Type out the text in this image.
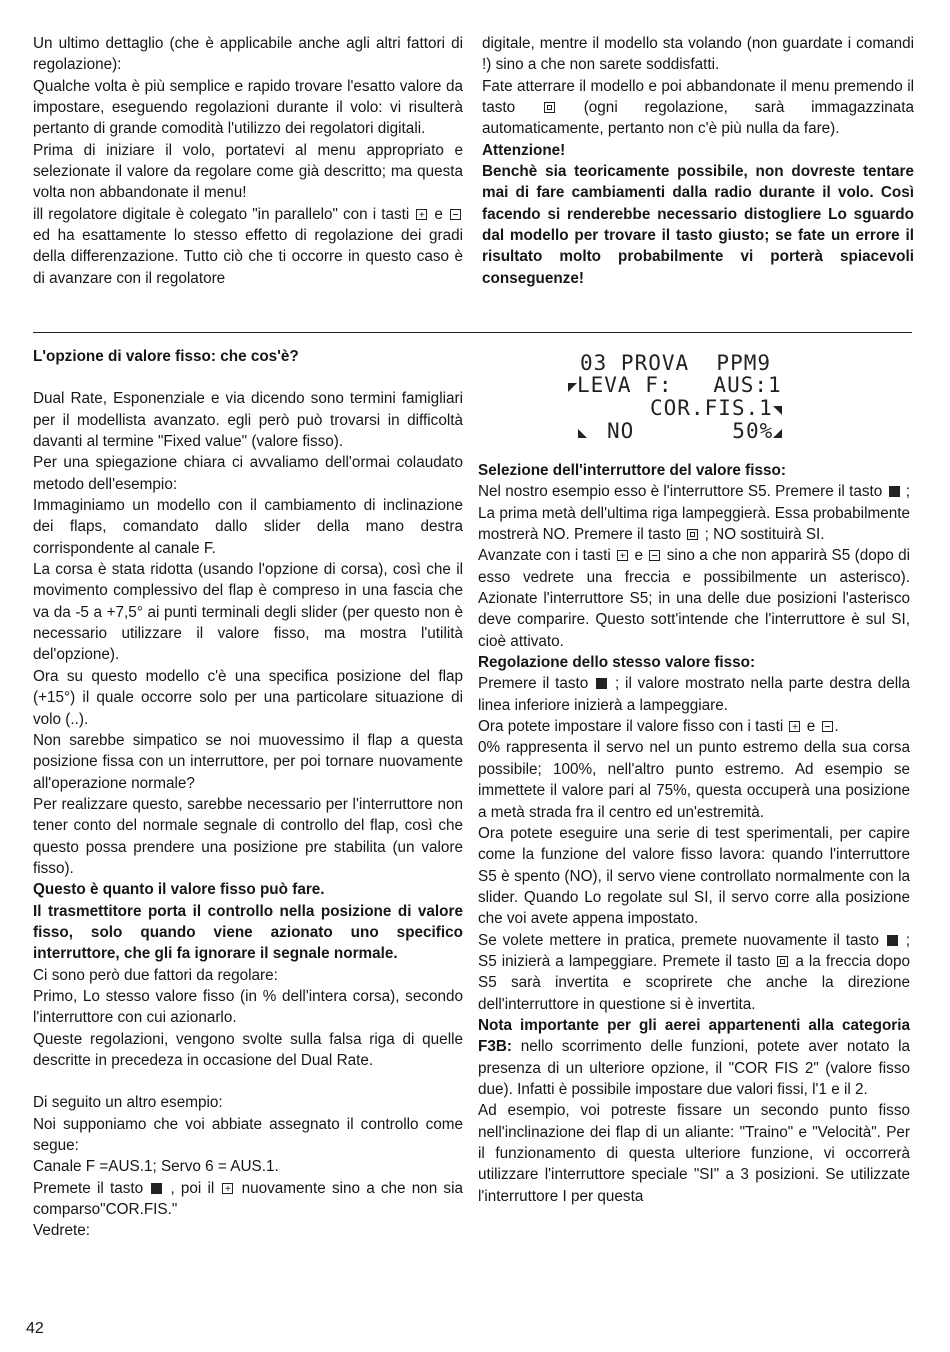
Un ultimo dettaglio (che è applicabile anche agli altri fattori di regolazione):

Qualche volta è più semplice e rapido trovare l'esatto valore da impostare, eseguendo regolazioni durante il volo: vi risulterà pertanto di grande comodità l'utilizzo dei regolatori digitali.

Prima di iniziare il volo, portatevi al menu appropriato e selezionate il valore da regolare come già descritto; ma questa volta non abbandonate il menu!

ill regolatore digitale è colegato "in parallelo" con i tasti + e  ed ha esattamente lo stesso effetto di regolazione dei gradi della differenzazione. Tutto ciò che ti occorre in questo caso è di avanzare con il regolatore

digitale, mentre il modello sta volando (non guardate i comandi !) sino a che non sarete soddisfatti.

Fate atterrare il modello e poi abbandonate il menu premendo il tasto	(ogni regolazione, sarà immagazzinata automaticamente, pertanto non c'è più nulla da fare).

Attenzione!

Benchè sia teoricamente possibile, non dovreste tentare mai di fare cambiamenti dalla radio durante il volo. Così facendo si renderebbe necessario distogliere Lo sguardo dal modello per trovare il tasto giusto; se fate un errore il risultato molto probabilmente vi porterà spiacevoli conseguenze!

L'opzione di valore fisso: che cos'è?

Dual Rate, Esponenziale e via dicendo sono termini famigliari per il modellista avanzato. egli però può trovarsi in difficoltà davanti al termine "Fixed value" (valore fisso).

Per una spiegazione chiara ci avvaliamo dell'ormai colaudato metodo dell'esempio:

Immaginiamo un modello con il cambiamento di inclinazione dei flaps, comandato dallo slider della mano destra corrispondente al canale F.

La corsa è stata ridotta (usando l'opzione di corsa), così che il movimento complessivo del flap è compreso in una fascia che va da -5 a +7,5° ai punti terminali degli slider (per questo non è necessario utilizzare il valore fisso, ma mostra l'utilità del'opzione).

Ora su questo modello c'è una specifica posizione del flap (+15°) il quale occorre solo per una particolare situazione di volo (..).

Non sarebbe simpatico se noi muovessimo il flap a questa posizione fissa con un interruttore, per poi tornare nuovamente all'operazione normale?

Per realizzare questo, sarebbe necessario per l'interruttore non tener conto del normale segnale di controllo del flap, così che questo possa prendere una posizione pre stabilita (un valore fisso).

Questo è quanto il valore fisso può fare.

Il trasmettitore porta il controllo nella posizione di valore fisso, solo quando viene azionato uno specifico interruttore, che gli fa ignorare il segnale normale.

Ci sono però due fattori da regolare:

Primo, Lo stesso valore fisso (in % dell'intera corsa), secondo l'interruttore con cui azionarlo.

Queste regolazioni, vengono svolte sulla falsa riga di quelle descritte in precedeza in occasione del Dual Rate.

Di seguito un altro esempio:

Noi supponiamo che voi abbiate assegnato il controllo come segue:

Canale F =AUS.1; Servo 6 = AUS.1.

Premete il tasto , poi il + nuovamente sino a che non sia comparso"COR.FIS."

Vedrete:

03 PROVA  PPM9

LEVA F:   AUS:1

COR.FIS.1

NO	50%

Selezione dell'interruttore del valore fisso:

Nel nostro esempio esso è l'interruttore S5. Premere il tasto ; La prima metà dell'ultima riga lampeggierà. Essa probabilmente mostrerà NO. Premere il tasto ; NO sostituirà SI.

Avanzate con i tasti + e sino a che non apparirà S5 (dopo di esso vedrete una freccia e possibilmente un asterisco). Azionate l'interruttore S5; in una delle due posizioni l'asterisco deve comparire. Questo sott'intende che l'interruttore è sul SI, cioè attivato.

Regolazione dello stesso valore fisso:

Premere il tasto ; il valore mostrato nella parte destra della linea inferiore inizierà a lampeggiare.

Ora potete impostare il valore fisso con i tasti + e .

0% rappresenta il servo nel un punto estremo della sua corsa possibile; 100%, nell'altro punto estremo. Ad esempio se immettete il valore pari al 75%, questa occuperà una posizione a metà strada fra il centro ed un'estremità.

Ora potete eseguire una serie di test sperimentali, per capire come la funzione del valore fisso lavora: quando l'interruttore S5 è spento (NO), il servo viene controllato normalmente con la slider. Quando Lo regolate sul SI, il servo corre alla posizione che voi avete appena impostato.

Se volete mettere in pratica, premete nuovamente il tasto ; S5 inizierà a lampeggiare. Premete il tasto a la freccia dopo S5 sarà invertita e scoprirete che anche la direzione dell'interruttore in questione si è invertita.

Nota importante per gli aerei appartenenti alla categoria F3B: nello scorrimento delle funzioni, potete aver notato la presenza di un ulteriore opzione, il "COR FIS 2" (valore fisso due). Infatti è possibile impostare due valori fissi, l'1 e il 2.

Ad esempio, voi potreste fissare un secondo punto fisso nell'inclinazione dei flap di un aliante: "Traino" e "Velocità". Per il funzionamento di questa ulteriore funzione, vi occorrerà utilizzare l'interruttore speciale "SI" a 3 posizioni. Se utilizzate l'interruttore I per questa

42
